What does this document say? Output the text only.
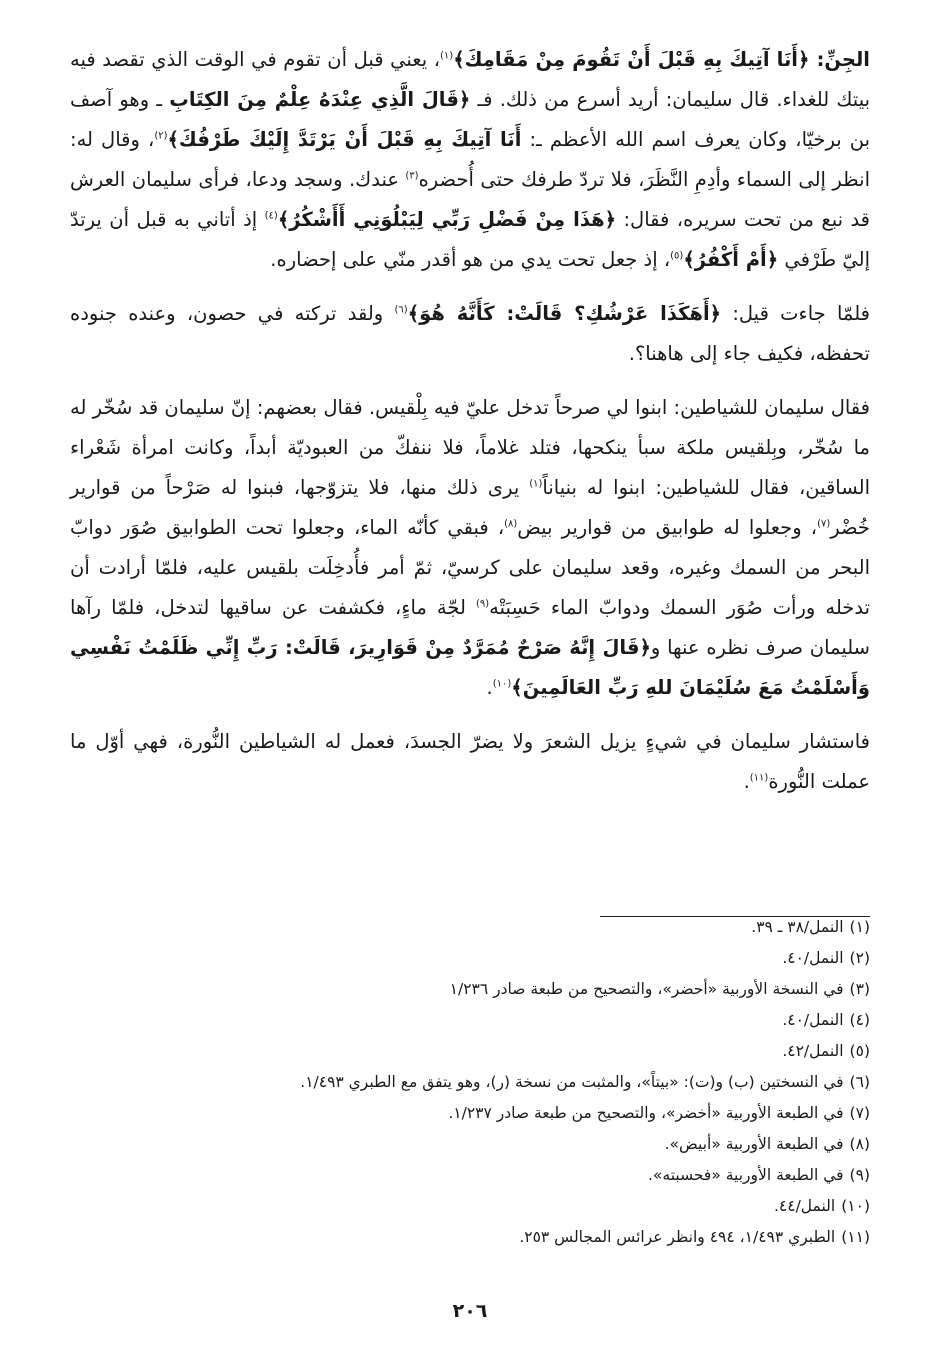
الجِنِّ: ﴿أَنَا آتِيكَ بِهِ قَبْلَ أَنْ تَقُومَ مِنْ مَقَامِكَ﴾$^{(١)}$، يعني قبل أن تقوم في الوقت الذي تقصد فيه بيتك للغداء. قال سليمان: أريد أسرع من ذلك. فـ ﴿قَالَ الَّذِي عِنْدَهُ عِلْمٌ مِنَ الكِتَابِ ـ وهو آصف بن برخيّا، وكان يعرف اسم الله الأعظم ـ: أَنَا آتِيكَ بِهِ قَبْلَ أَنْ يَرْتَدَّ إِلَيْكَ طَرْفُكَ﴾$^{(٢)}$، وقال له: انظر إلى السماء وأدِمِ النَّظَرَ، فلا تردّ طرفك حتى أُحضره$^{(٣)}$ عندك. وسجد ودعا، فرأى سليمان العرش قد نبع من تحت سريره، فقال: ﴿هَذَا مِنْ فَضْلِ رَبِّي لِيَبْلُوَنِي أَأَشْكُرُ﴾$^{(٤)}$ إذ أتاني به قبل أن يرتدّ إليّ طَرْفي ﴿أَمْ أَكْفُرُ﴾$^{(٥)}$، إذ جعل تحت يدي من هو أقدر منّي على إحضاره.

فلمّا جاءت قيل: ﴿أَهَكَذَا عَرْشُكِ؟ قَالَتْ: كَأَنَّهُ هُوَ﴾$^{(٦)}$ ولقد تركته في حصون، وعنده جنوده تحفظه، فكيف جاء إلى هاهنا؟.

فقال سليمان للشياطين: ابنوا لي صرحاً تدخل عليّ فيه بِلْقيس. فقال بعضهم: إنّ سليمان قد سُخّر له ما سُخّر، وبِلقيس ملكة سبأ ينكحها، فتلد غلاماً، فلا ننفكّ من العبوديّة أبداً، وكانت امرأة شَعْراء الساقين، فقال للشياطين: ابنوا له بنياناً$^{(١)}$ يرى ذلك منها، فلا يتزوّجها، فبنوا له صَرْحاً من قوارير خُضْر$^{(٧)}$، وجعلوا له طوابيق من قوارير بيض$^{(٨)}$، فبقي كأنّه الماء، وجعلوا تحت الطوابيق صُوَر دوابّ البحر من السمك وغيره، وقعد سليمان على كرسيّ، ثمّ أمر فأُدخِلَت بلقيس عليه، فلمّا أرادت أن تدخله ورأت صُوَر السمك ودوابّ الماء حَسِبَتْه$^{(٩)}$ لجّة ماءٍ، فكشفت عن ساقيها لتدخل، فلمّا رآها سليمان صرف نظره عنها و﴿قَالَ إِنَّهُ صَرْحٌ مُمَرَّدٌ مِنْ قَوَارِيرَ، قَالَتْ: رَبِّ إِنِّي ظَلَمْتُ نَفْسِي وَأَسْلَمْتُ مَعَ سُلَيْمَانَ للهِ رَبِّ العَالَمِينَ﴾$^{(١٠)}$.

فاستشار سليمان في شيءٍ يزيل الشعرَ ولا يضرّ الجسدَ، فعمل له الشياطين النُّورة، فهي أوّل ما عملت النُّورة$^{(١١)}$.

(١)النمل/٣٨ ـ ٣٩.
(٢)النمل/٤٠.
(٣)في النسخة الأوربية «أحضر»، والتصحيح من طبعة صادر ١/٢٣٦
(٤)النمل/٤٠.
(٥)النمل/٤٢.
(٦)في النسختين (ب) و(ت): «بيتاً»، والمثبت من نسخة (ر)، وهو يتفق مع الطبري ١/٤٩٣.
(٧)في الطبعة الأوربية «أخضر»، والتصحيح من طبعة صادر ١/٢٣٧.
(٨)في الطبعة الأوربية «أبيض».
(٩)في الطبعة الأوربية «فحسبته».
(١٠)النمل/٤٤.
(١١)الطبري ١/٤٩٣، ٤٩٤ وانظر عرائس المجالس ٢٥٣.
٢٠٦
